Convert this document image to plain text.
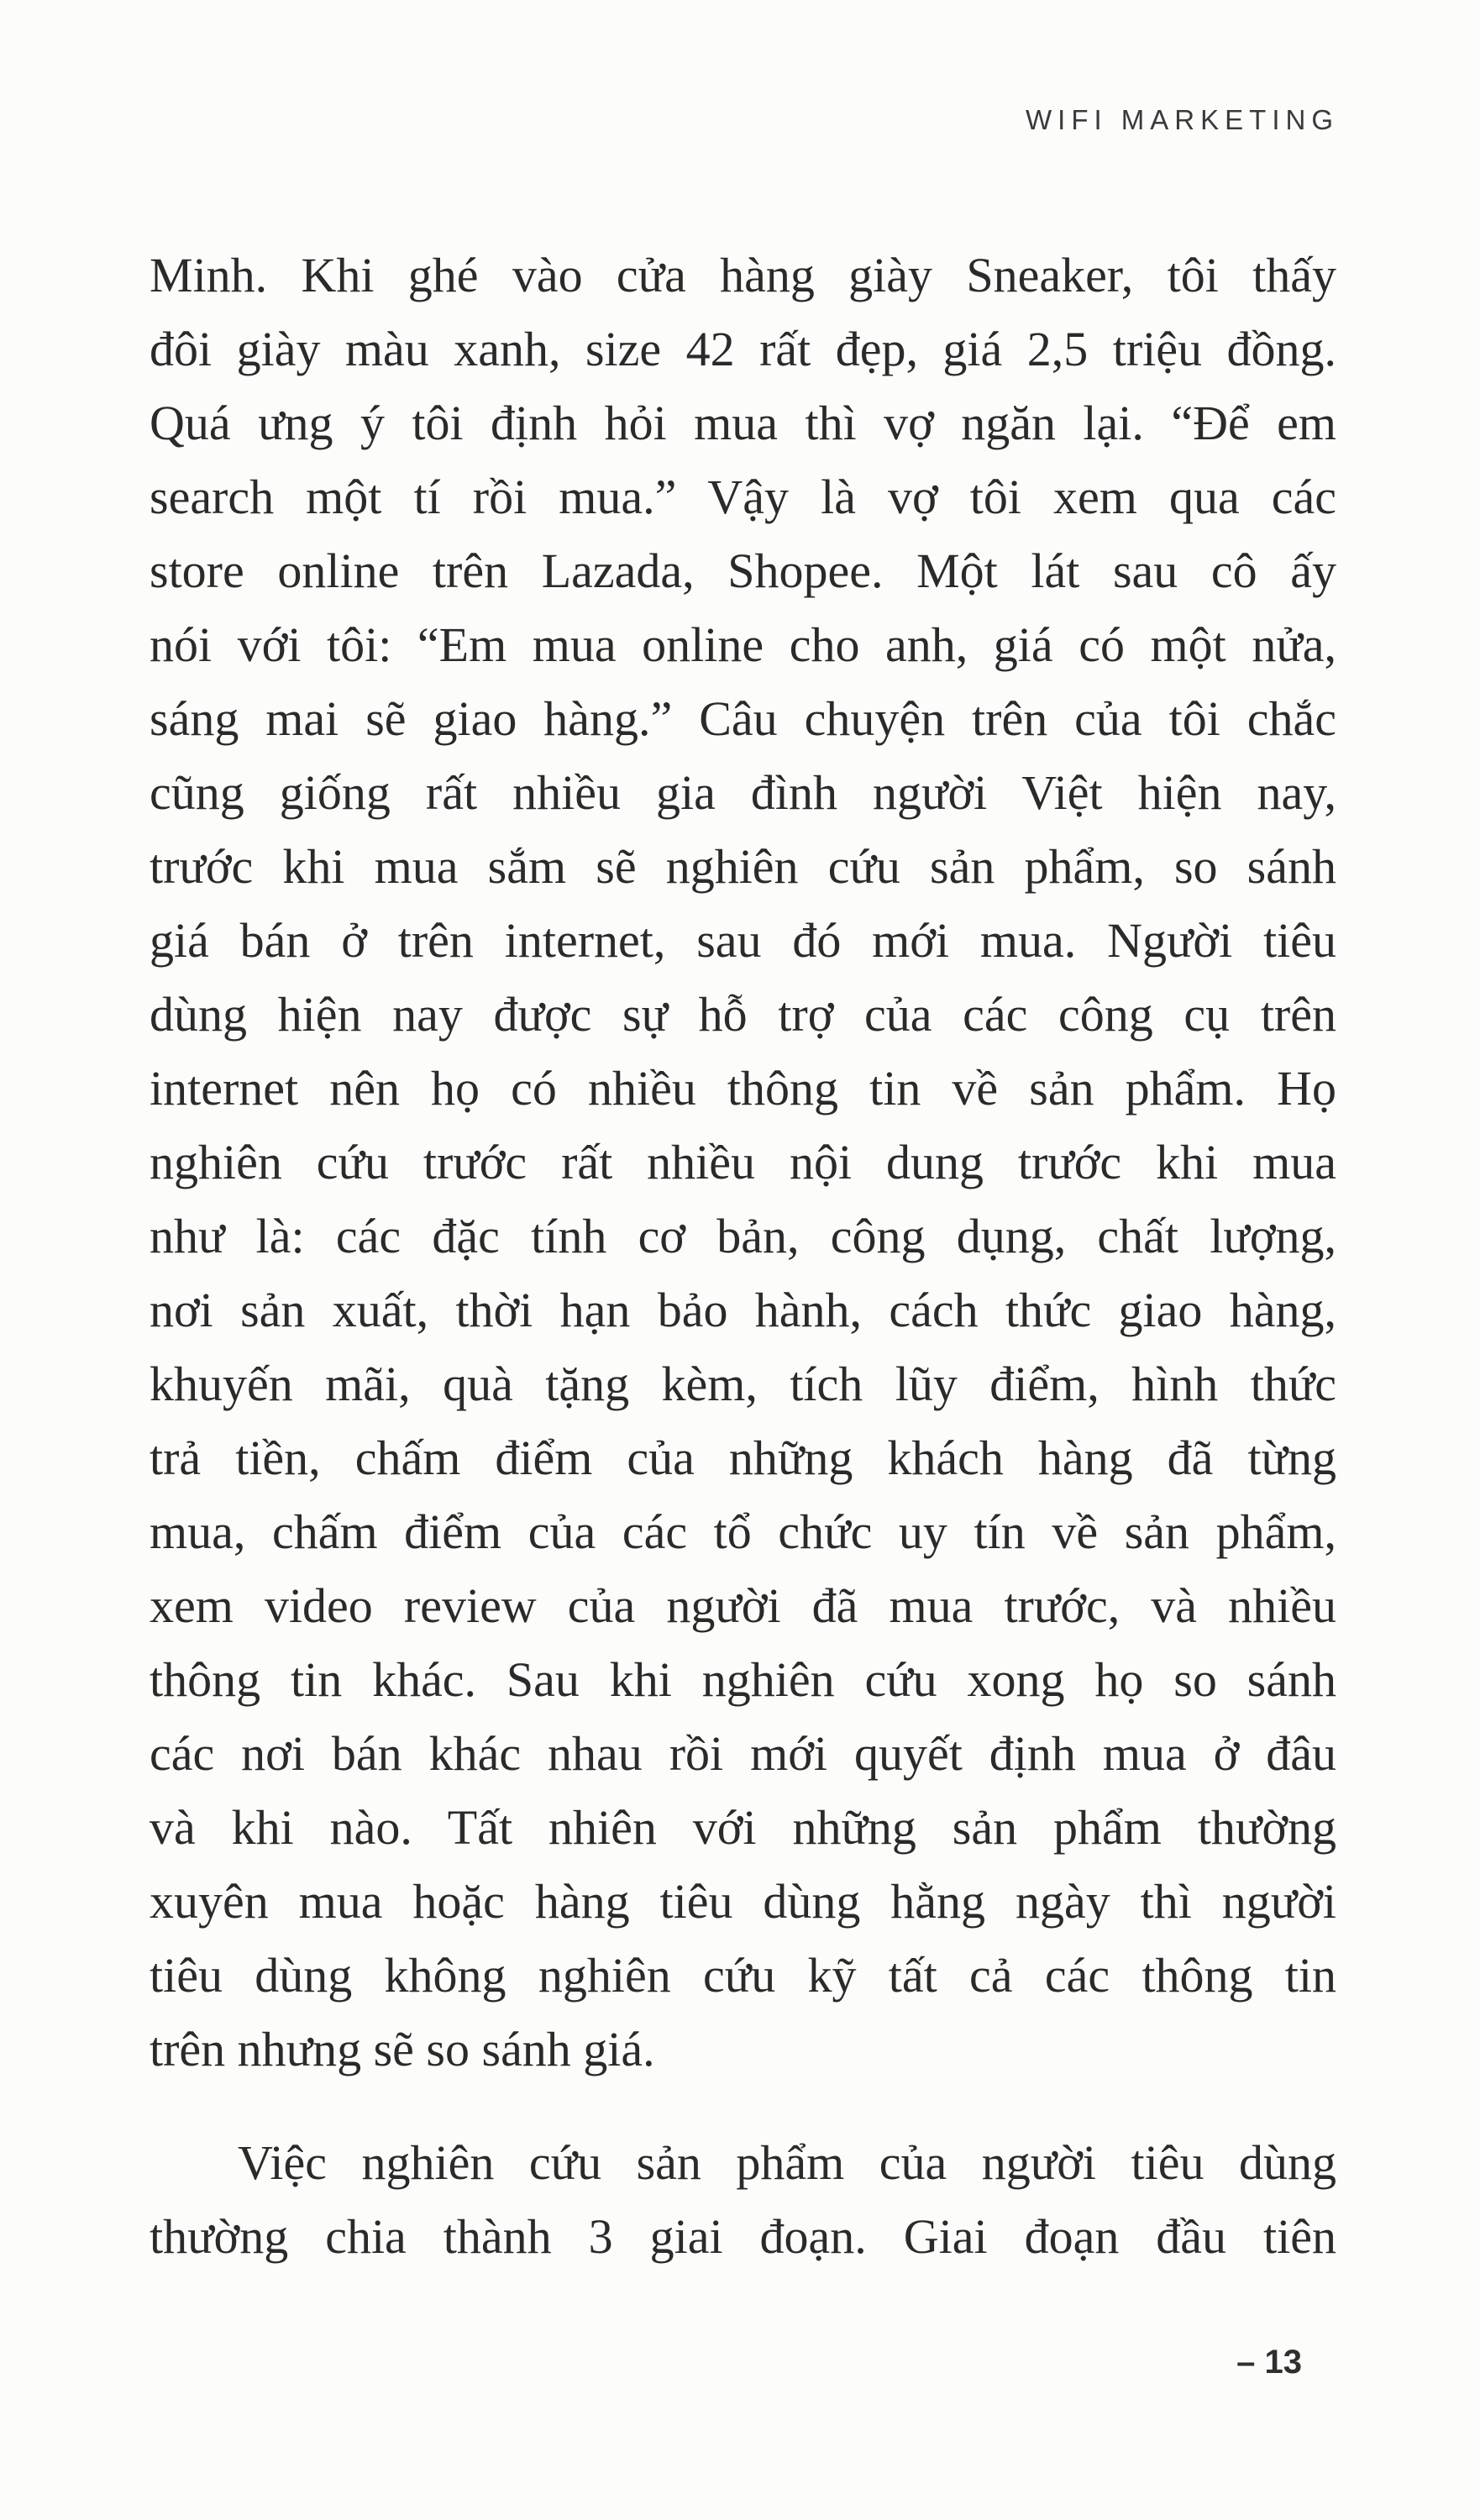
WIFI MARKETING
Minh. Khi ghé vào cửa hàng giày Sneaker, tôi thấy
đôi giày màu xanh, size 42 rất đẹp, giá 2,5 triệu đồng.
Quá ưng ý tôi định hỏi mua thì vợ ngăn lại. “Để em
search một tí rồi mua.” Vậy là vợ tôi xem qua các
store online trên Lazada, Shopee. Một lát sau cô ấy
nói với tôi: “Em mua online cho anh, giá có một nửa,
sáng mai sẽ giao hàng.” Câu chuyện trên của tôi chắc
cũng giống rất nhiều gia đình người Việt hiện nay,
trước khi mua sắm sẽ nghiên cứu sản phẩm, so sánh
giá bán ở trên internet, sau đó mới mua. Người tiêu
dùng hiện nay được sự hỗ trợ của các công cụ trên
internet nên họ có nhiều thông tin về sản phẩm. Họ
nghiên cứu trước rất nhiều nội dung trước khi mua
như là: các đặc tính cơ bản, công dụng, chất lượng,
nơi sản xuất, thời hạn bảo hành, cách thức giao hàng,
khuyến mãi, quà tặng kèm, tích lũy điểm, hình thức
trả tiền, chấm điểm của những khách hàng đã từng
mua, chấm điểm của các tổ chức uy tín về sản phẩm,
xem video review của người đã mua trước, và nhiều
thông tin khác. Sau khi nghiên cứu xong họ so sánh
các nơi bán khác nhau rồi mới quyết định mua ở đâu
và khi nào. Tất nhiên với những sản phẩm thường
xuyên mua hoặc hàng tiêu dùng hằng ngày thì người
tiêu dùng không nghiên cứu kỹ tất cả các thông tin
trên nhưng sẽ so sánh giá.
Việc nghiên cứu sản phẩm của người tiêu dùng
thường chia thành 3 giai đoạn. Giai đoạn đầu tiên
– 13
